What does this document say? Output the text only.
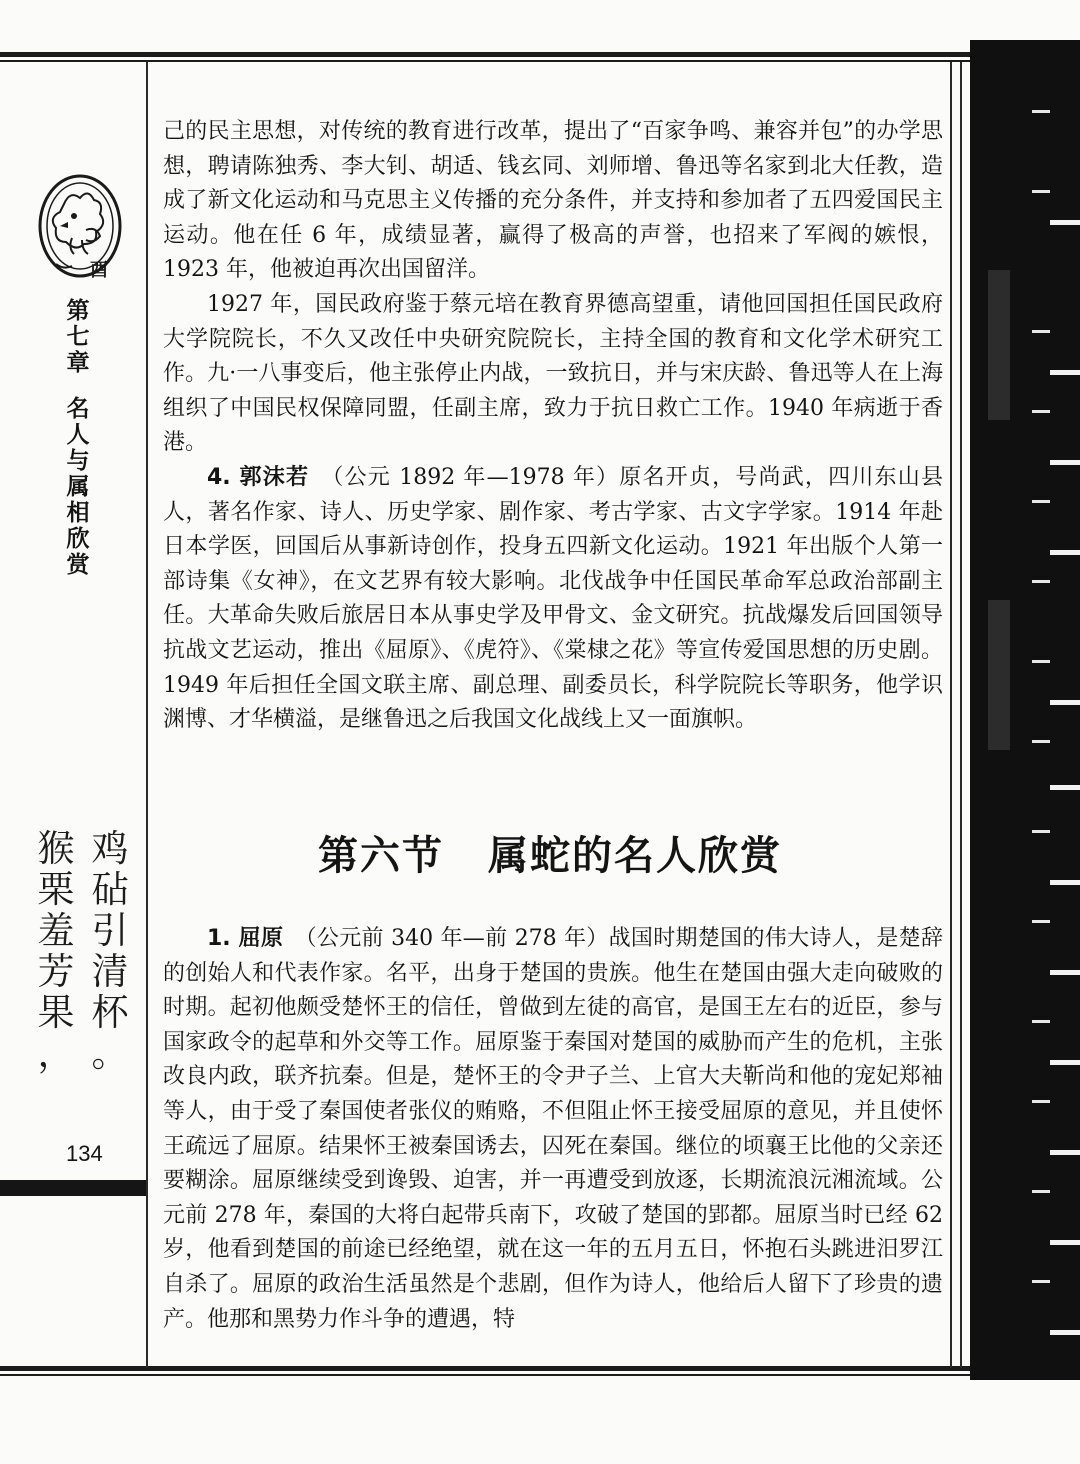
酉
第
七
章
名
人
与
属
相
欣
赏
鸡
砧
引
清
杯
。
猴
栗
羞
芳
果
，
134

己的民主思想，对传统的教育进行改革，提出了“百家争鸣、兼容并包”的办学思想，聘请陈独秀、李大钊、胡适、钱玄同、刘师增、鲁迅等名家到北大任教，造成了新文化运动和马克思主义传播的充分条件，并支持和参加者了五四爱国民主运动。他在任 6 年，成绩显著，赢得了极高的声誉，也招来了军阀的嫉恨，1923 年，他被迫再次出国留洋。

1927 年，国民政府鉴于蔡元培在教育界德高望重，请他回国担任国民政府大学院院长，不久又改任中央研究院院长，主持全国的教育和文化学术研究工作。九·一八事变后，他主张停止内战，一致抗日，并与宋庆龄、鲁迅等人在上海组织了中国民权保障同盟，任副主席，致力于抗日救亡工作。1940 年病逝于香港。

4. 郭沫若　 （公元 1892 年—1978 年）原名开贞，号尚武，四川东山县人，著名作家、诗人、历史学家、剧作家、考古学家、古文字学家。1914 年赴日本学医，回国后从事新诗创作，投身五四新文化运动。1921 年出版个人第一部诗集《女神》，在文艺界有较大影响。北伐战争中任国民革命军总政治部副主任。大革命失败后旅居日本从事史学及甲骨文、金文研究。抗战爆发后回国领导抗战文艺运动，推出《屈原》、《虎符》、《棠棣之花》等宣传爱国思想的历史剧。1949 年后担任全国文联主席、副总理、副委员长，科学院院长等职务，他学识渊博、才华横溢，是继鲁迅之后我国文化战线上又一面旗帜。

第六节 属蛇的名人欣赏

1. 屈原　 （公元前 340 年—前 278 年）战国时期楚国的伟大诗人，是楚辞的创始人和代表作家。名平，出身于楚国的贵族。他生在楚国由强大走向破败的时期。起初他颇受楚怀王的信任，曾做到左徒的高官，是国王左右的近臣，参与国家政令的起草和外交等工作。屈原鉴于秦国对楚国的威胁而产生的危机，主张改良内政，联齐抗秦。但是，楚怀王的令尹子兰、上官大夫靳尚和他的宠妃郑袖等人，由于受了秦国使者张仪的贿赂，不但阻止怀王接受屈原的意见，并且使怀王疏远了屈原。结果怀王被秦国诱去，囚死在秦国。继位的顷襄王比他的父亲还要糊涂。屈原继续受到谗毁、迫害，并一再遭受到放逐，长期流浪沅湘流域。公元前 278 年，秦国的大将白起带兵南下，攻破了楚国的郢都。屈原当时已经 62 岁，他看到楚国的前途已经绝望，就在这一年的五月五日，怀抱石头跳进汨罗江自杀了。屈原的政治生活虽然是个悲剧，但作为诗人，他给后人留下了珍贵的遗产。他那和黑势力作斗争的遭遇，特
